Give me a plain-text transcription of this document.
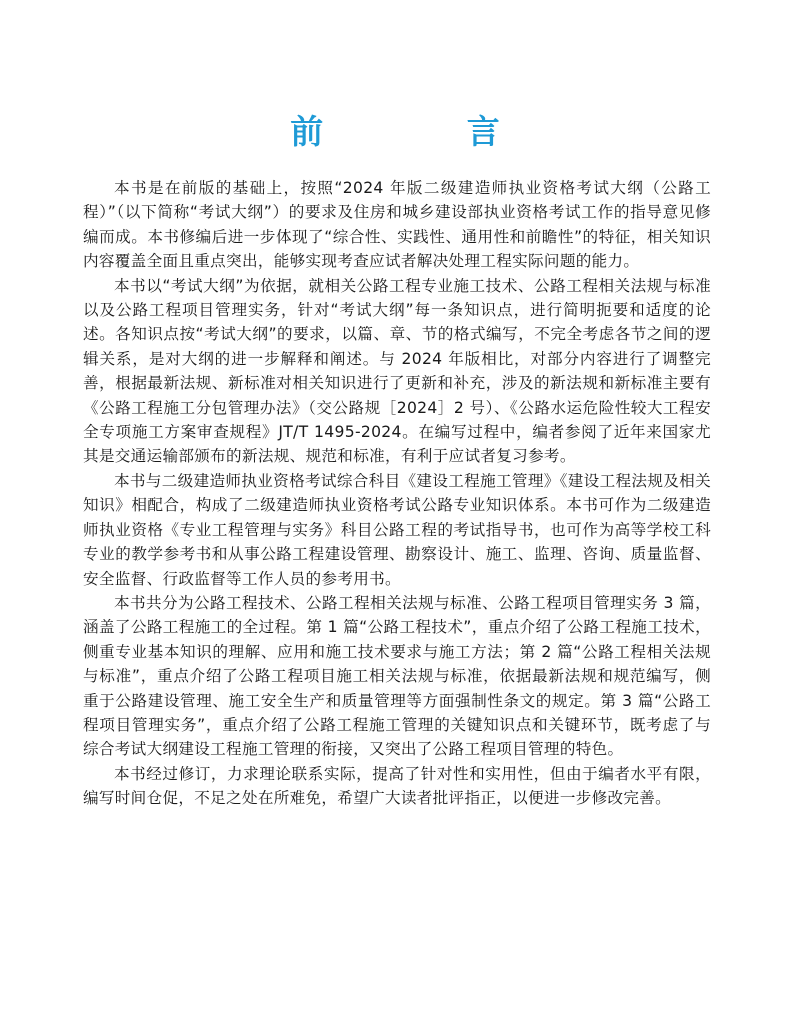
前 言

本书是在前版的基础上，按照“2024 年版二级建造师执业资格考试大纲（公路工程）”（以下简称“考试大纲”）的要求及住房和城乡建设部执业资格考试工作的指导意见修编而成。本书修编后进一步体现了“综合性、实践性、通用性和前瞻性”的特征，相关知识内容覆盖全面且重点突出，能够实现考查应试者解决处理工程实际问题的能力。

本书以“考试大纲”为依据，就相关公路工程专业施工技术、公路工程相关法规与标准以及公路工程项目管理实务，针对“考试大纲”每一条知识点，进行简明扼要和适度的论述。各知识点按“考试大纲”的要求，以篇、章、节的格式编写，不完全考虑各节之间的逻辑关系，是对大纲的进一步解释和阐述。与 2024 年版相比，对部分内容进行了调整完善，根据最新法规、新标准对相关知识进行了更新和补充，涉及的新法规和新标准主要有《公路工程施工分包管理办法》（交公路规［2024］2 号）、《公路水运危险性较大工程安全专项施工方案审查规程》JT/T 1495-2024。在编写过程中，编者参阅了近年来国家尤其是交通运输部颁布的新法规、规范和标准，有利于应试者复习参考。

本书与二级建造师执业资格考试综合科目《建设工程施工管理》《建设工程法规及相关知识》相配合，构成了二级建造师执业资格考试公路专业知识体系。本书可作为二级建造师执业资格《专业工程管理与实务》科目公路工程的考试指导书，也可作为高等学校工科专业的教学参考书和从事公路工程建设管理、勘察设计、施工、监理、咨询、质量监督、安全监督、行政监督等工作人员的参考用书。

本书共分为公路工程技术、公路工程相关法规与标准、公路工程项目管理实务 3 篇，涵盖了公路工程施工的全过程。第 1 篇“公路工程技术”，重点介绍了公路工程施工技术，侧重专业基本知识的理解、应用和施工技术要求与施工方法；第 2 篇“公路工程相关法规与标准”，重点介绍了公路工程项目施工相关法规与标准，依据最新法规和规范编写，侧重于公路建设管理、施工安全生产和质量管理等方面强制性条文的规定。第 3 篇“公路工程项目管理实务”，重点介绍了公路工程施工管理的关键知识点和关键环节，既考虑了与综合考试大纲建设工程施工管理的衔接，又突出了公路工程项目管理的特色。

本书经过修订，力求理论联系实际，提高了针对性和实用性，但由于编者水平有限，编写时间仓促，不足之处在所难免，希望广大读者批评指正，以便进一步修改完善。
